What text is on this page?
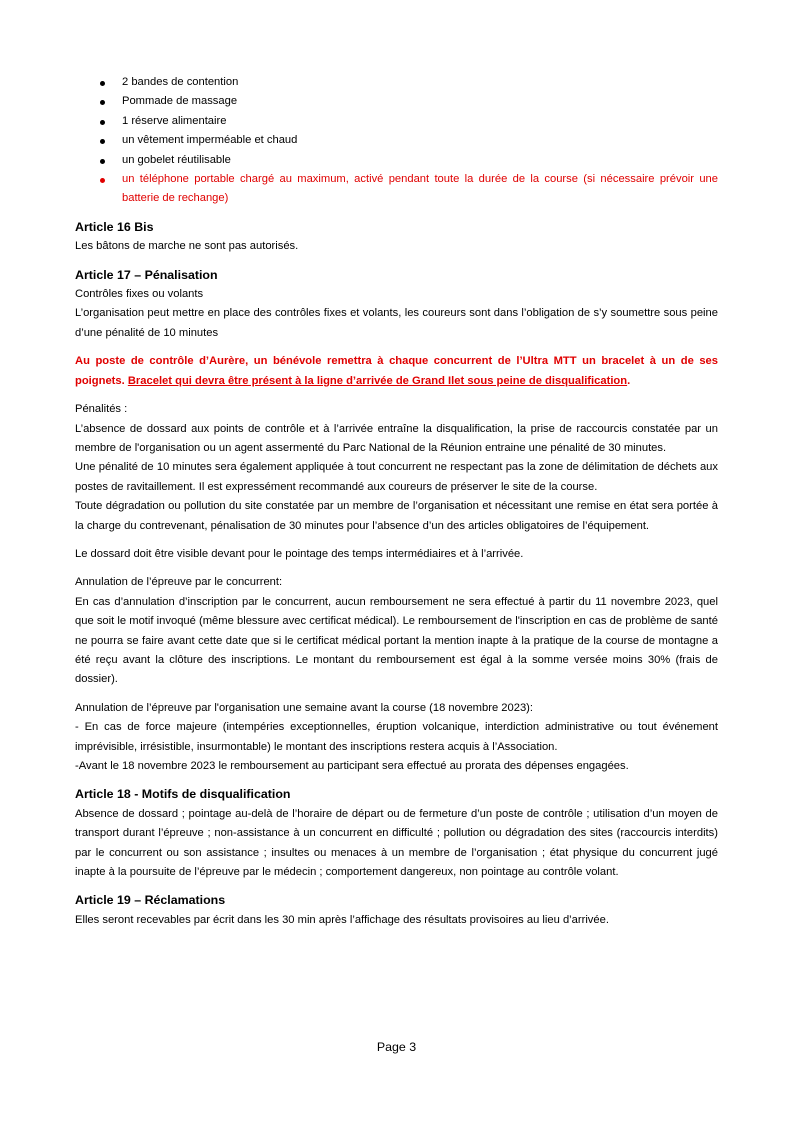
2 bandes de contention
Pommade de massage
1 réserve alimentaire
un vêtement imperméable et chaud
un gobelet réutilisable
un téléphone portable chargé au maximum, activé pendant toute la durée de la course (si nécessaire prévoir une batterie de rechange)
Article 16 Bis

Les bâtons de marche ne sont pas autorisés.

Article 17 – Pénalisation

Contrôles fixes ou volants

L’organisation peut mettre en place des contrôles fixes et volants, les coureurs sont dans l’obligation de s’y soumettre sous peine d’une pénalité de 10 minutes

Au poste de contrôle d’Aurère, un bénévole remettra à chaque concurrent de l’Ultra MTT un bracelet à un de ses poignets. Bracelet qui devra être présent à la ligne d’arrivée de Grand Ilet sous peine de disqualification.

Pénalités :

L’absence de dossard aux points de contrôle et à l’arrivée entraîne la disqualification, la prise de raccourcis constatée par un membre de l'organisation ou un agent assermenté du Parc National de la Réunion entraine une pénalité de 30 minutes.

Une pénalité de 10 minutes sera également appliquée à tout concurrent ne respectant pas la zone de délimitation de déchets aux postes de ravitaillement. Il est expressément recommandé aux coureurs de préserver le site de la course.

Toute dégradation ou pollution du site constatée par un membre de l’organisation et nécessitant une remise en état sera portée à la charge du contrevenant, pénalisation de 30 minutes pour l’absence d’un des articles obligatoires de l’équipement.

Le dossard doit être visible devant pour le pointage des temps intermédiaires et à l’arrivée.

Annulation de l’épreuve par le concurrent:

En cas d’annulation d’inscription par le concurrent, aucun remboursement ne sera effectué à partir du 11 novembre 2023, quel que soit le motif invoqué (même blessure avec certificat médical). Le remboursement de l'inscription en cas de problème de santé ne pourra se faire avant cette date que si le certificat médical portant la mention inapte à la pratique de la course de montagne a été reçu avant la clôture des inscriptions. Le montant du remboursement est égal à la somme versée moins 30% (frais de dossier).

Annulation de l’épreuve par l'organisation une semaine avant la course (18 novembre 2023):

- En cas de force majeure (intempéries exceptionnelles, éruption volcanique, interdiction administrative ou tout événement imprévisible, irrésistible, insurmontable) le montant des inscriptions restera acquis à l’Association.

-Avant le 18 novembre 2023 le remboursement au participant sera effectué au prorata des dépenses engagées.

Article 18 - Motifs de disqualification

Absence de dossard ; pointage au-delà de l’horaire de départ ou de fermeture d’un poste de contrôle ; utilisation d’un moyen de transport durant l’épreuve ; non-assistance à un concurrent en difficulté ; pollution ou dégradation des sites (raccourcis interdits) par le concurrent ou son assistance ; insultes ou menaces à un membre de l’organisation ; état physique du concurrent jugé inapte à la poursuite de l’épreuve par le médecin ; comportement dangereux, non pointage au contrôle volant.

Article 19 – Réclamations

Elles seront recevables par écrit dans les 30 min après l’affichage des résultats provisoires au lieu d’arrivée.

Page 3
